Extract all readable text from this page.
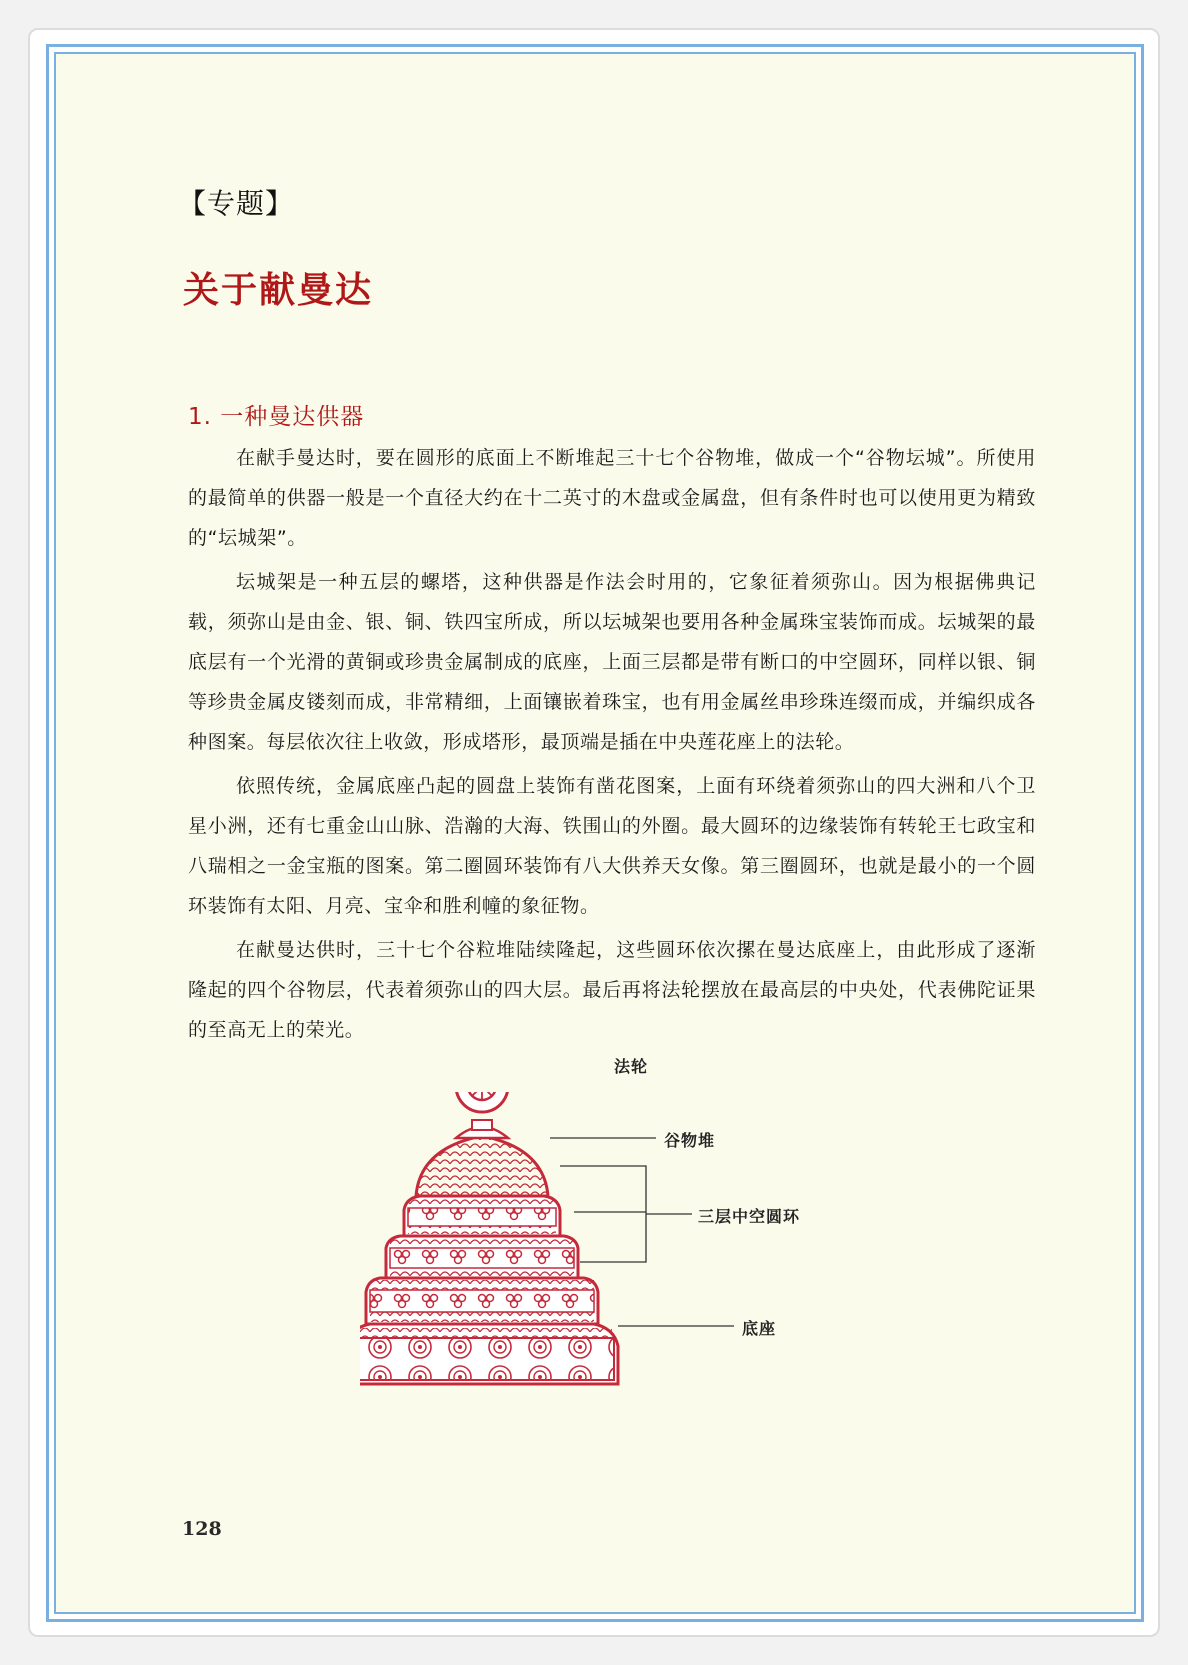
【专题】
关于献曼达
1. 一种曼达供器

在献手曼达时，要在圆形的底面上不断堆起三十七个谷物堆，做成一个“谷物坛城”。所使用的最简单的供器一般是一个直径大约在十二英寸的木盘或金属盘，但有条件时也可以使用更为精致的“坛城架”。

坛城架是一种五层的螺塔，这种供器是作法会时用的，它象征着须弥山。因为根据佛典记载，须弥山是由金、银、铜、铁四宝所成，所以坛城架也要用各种金属珠宝装饰而成。坛城架的最底层有一个光滑的黄铜或珍贵金属制成的底座，上面三层都是带有断口的中空圆环，同样以银、铜等珍贵金属皮镂刻而成，非常精细，上面镶嵌着珠宝，也有用金属丝串珍珠连缀而成，并编织成各种图案。每层依次往上收敛，形成塔形，最顶端是插在中央莲花座上的法轮。

依照传统，金属底座凸起的圆盘上装饰有凿花图案，上面有环绕着须弥山的四大洲和八个卫星小洲，还有七重金山山脉、浩瀚的大海、铁围山的外圈。最大圆环的边缘装饰有转轮王七政宝和八瑞相之一金宝瓶的图案。第二圈圆环装饰有八大供养天女像。第三圈圆环，也就是最小的一个圆环装饰有太阳、月亮、宝伞和胜利幢的象征物。

在献曼达供时，三十七个谷粒堆陆续隆起，这些圆环依次摞在曼达底座上，由此形成了逐渐隆起的四个谷物层，代表着须弥山的四大层。最后再将法轮摆放在最高层的中央处，代表佛陀证果的至高无上的荣光。

法轮
谷物堆
三层中空圆环
底座
128
